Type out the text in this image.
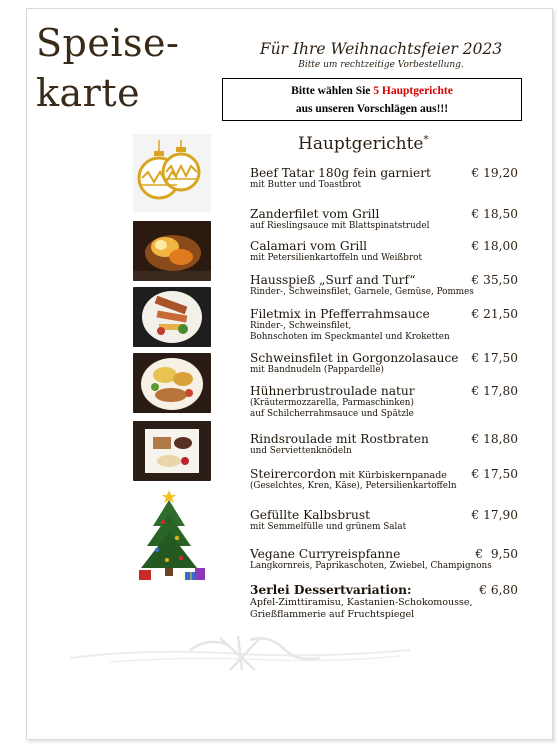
Speise-
karte
Für Ihre Weihnachtsfeier 2023
Bitte um rechtzeitige Vorbestellung.
Bitte wählen Sie 5 Hauptgerichte
aus unseren Vorschlägen aus!!!
Hauptgerichte*
Beef Tatar 180g fein garniert	€ 19,20
mit Butter und Toastbrot
Zanderfilet vom Grill	€ 18,50
auf Rieslingsauce mit Blattspinatstrudel
Calamari vom Grill	€ 18,00
mit Petersilienkartoffeln und Weißbrot
Hausspieß „Surf and Turf“	€ 35,50
Rinder-, Schweinsfilet, Garnele, Gemüse, Pommes
Filetmix in Pfefferrahmsauce	€ 21,50
Rinder-, Schweinsfilet,
Bohnschoten im Speckmantel und Kroketten
Schweinsfilet in Gorgonzolasauce	€ 17,50
mit Bandnudeln (Pappardelle)
Hühnerbrustroulade natur	€ 17,80
(Kräutermozzarella, Parmaschinken)
auf Schilcherrahmsauce und Spätzle
Rindsroulade mit Rostbraten	€ 18,80
und Serviettenknödeln
Steirercordon mit Kürbiskernpanade	€ 17,50
(Geselchtes, Kren, Käse), Petersilienkartoffeln
Gefüllte Kalbsbrust	€ 17,90
mit Semmelfülle und grünem Salat
Vegane Curryreispfanne	€  9,50
Langkornreis, Paprikaschoten, Zwiebel, Champignons
3erlei Dessertvariation:	€ 6,80
Apfel-Zimttiramisu, Kastanien-Schokomousse,
Grießflammerie auf Fruchtspiegel
